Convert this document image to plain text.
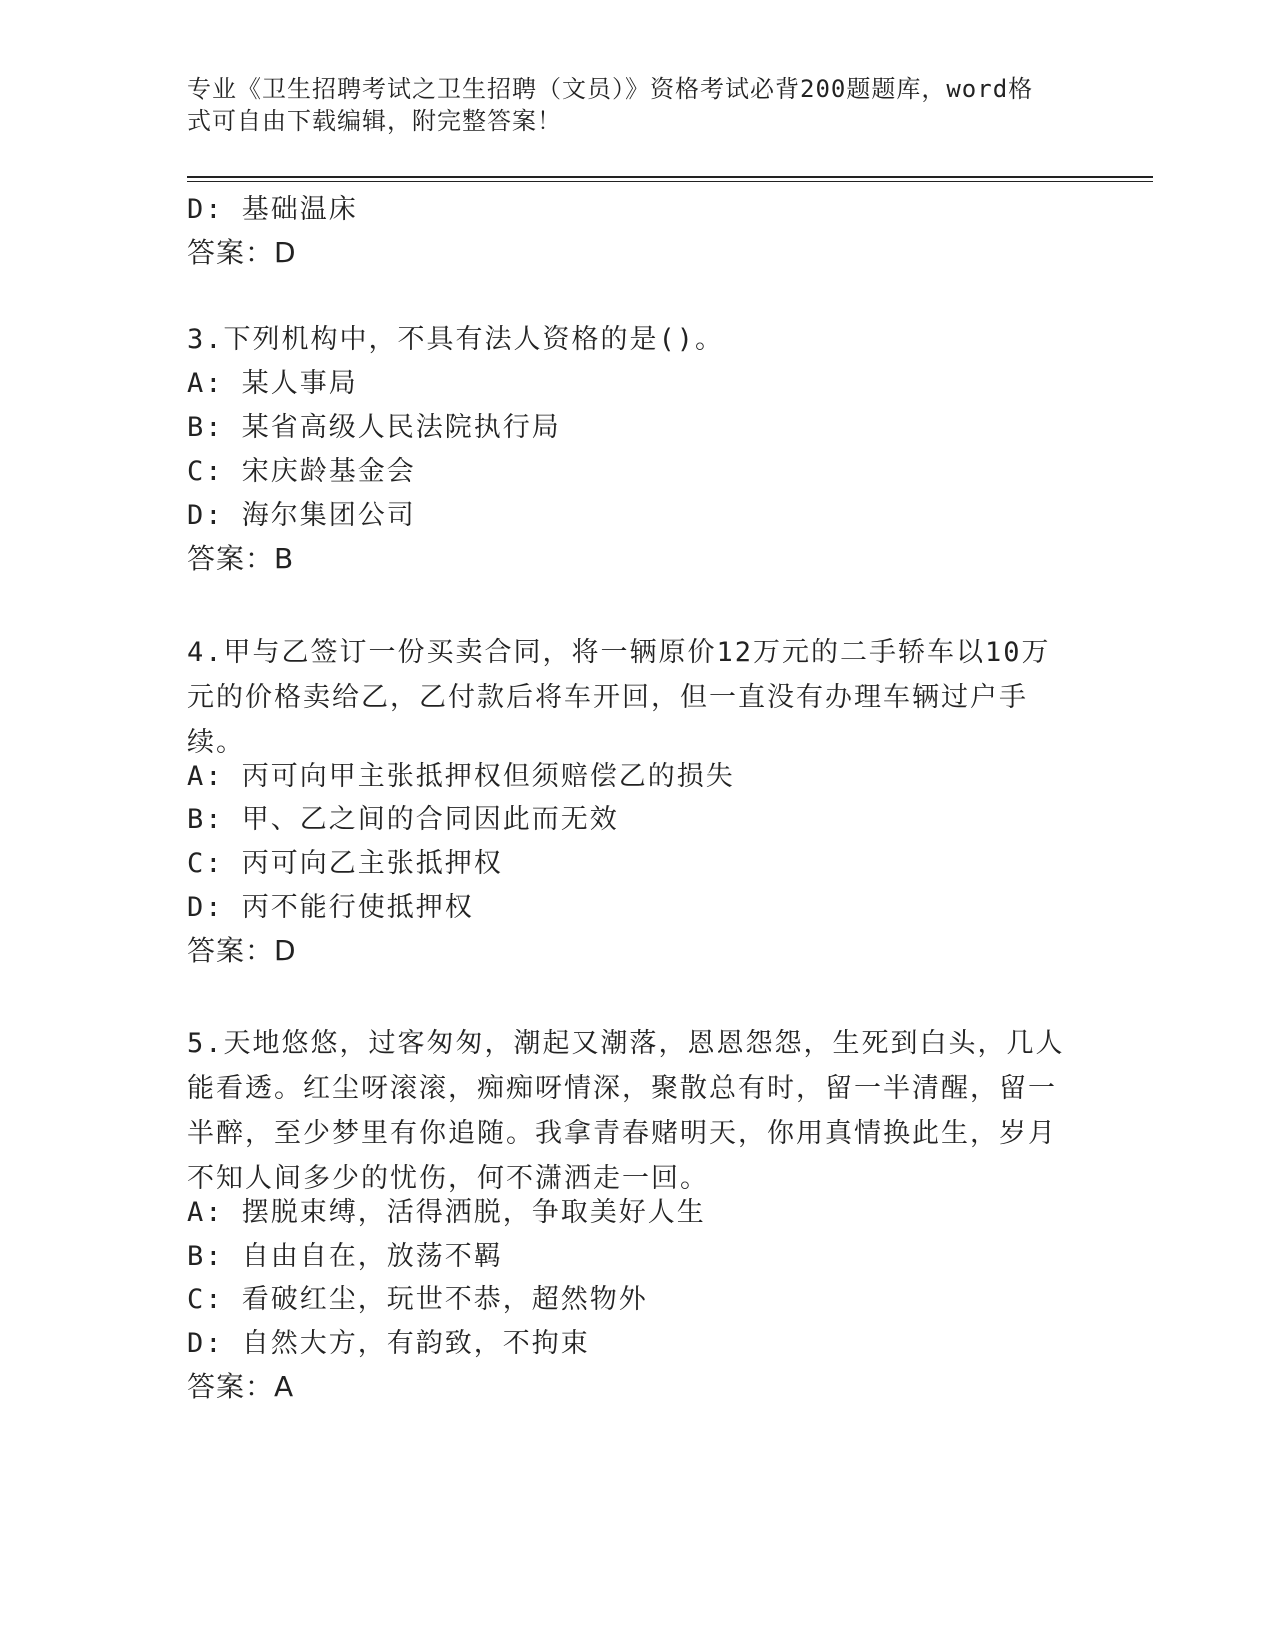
专业《卫生招聘考试之卫生招聘（文员）》资格考试必背200题题库，word格式可自由下载编辑，附完整答案！
D: 基础温床
答案：D
3.下列机构中，不具有法人资格的是()。
A: 某人事局
B: 某省高级人民法院执行局
C: 宋庆龄基金会
D: 海尔集团公司
答案：B
4.甲与乙签订一份买卖合同，将一辆原价12万元的二手轿车以10万元的价格卖给乙，乙付款后将车开回，但一直没有办理车辆过户手续。
A: 丙可向甲主张抵押权但须赔偿乙的损失
B: 甲、乙之间的合同因此而无效
C: 丙可向乙主张抵押权
D: 丙不能行使抵押权
答案：D
5.天地悠悠，过客匆匆，潮起又潮落，恩恩怨怨，生死到白头，几人能看透。红尘呀滚滚，痴痴呀情深，聚散总有时，留一半清醒，留一半醉，至少梦里有你追随。我拿青春赌明天，你用真情换此生，岁月不知人间多少的忧伤，何不潇洒走一回。
A: 摆脱束缚，活得洒脱，争取美好人生
B: 自由自在，放荡不羁
C: 看破红尘，玩世不恭，超然物外
D: 自然大方，有韵致，不拘束
答案：A
